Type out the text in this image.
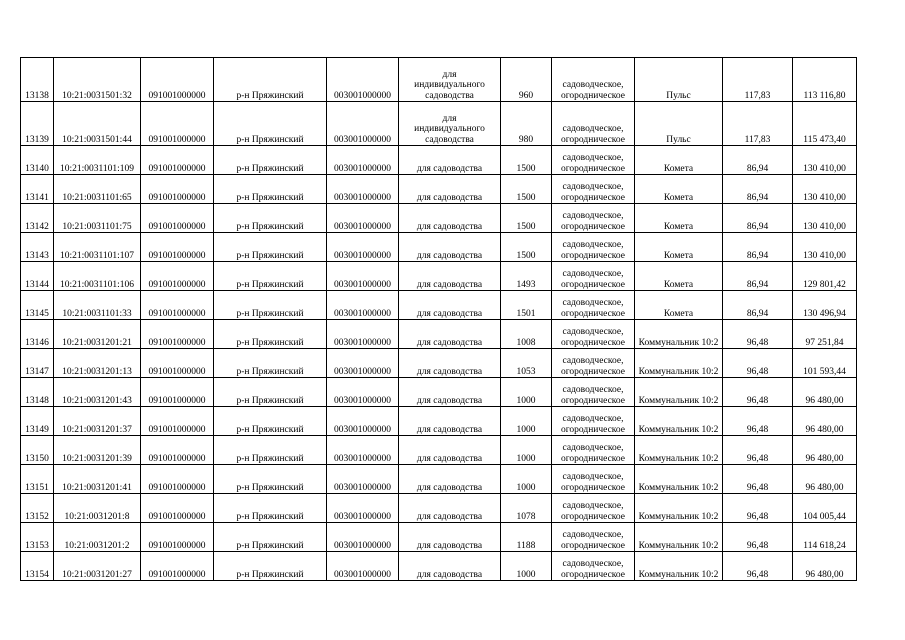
13138	10:21:0031501:32	091001000000	р-н Пряжинский	003001000000	для
индивидуального
садоводства	960	садоводческое,
огородническое	Пульс	117,83	113 116,80

13139	10:21:0031501:44	091001000000	р-н Пряжинский	003001000000	для
индивидуального
садоводства	980	садоводческое,
огородническое	Пульс	117,83	115 473,40

13140	10:21:0031101:109	091001000000	р-н Пряжинский	003001000000	для садоводства	1500	садоводческое,
огородническое	Комета	86,94	130 410,00

13141	10:21:0031101:65	091001000000	р-н Пряжинский	003001000000	для садоводства	1500	садоводческое,
огородническое	Комета	86,94	130 410,00

13142	10:21:0031101:75	091001000000	р-н Пряжинский	003001000000	для садоводства	1500	садоводческое,
огородническое	Комета	86,94	130 410,00

13143	10:21:0031101:107	091001000000	р-н Пряжинский	003001000000	для садоводства	1500	садоводческое,
огородническое	Комета	86,94	130 410,00

13144	10:21:0031101:106	091001000000	р-н Пряжинский	003001000000	для садоводства	1493	садоводческое,
огородническое	Комета	86,94	129 801,42

13145	10:21:0031101:33	091001000000	р-н Пряжинский	003001000000	для садоводства	1501	садоводческое,
огородническое	Комета	86,94	130 496,94

13146	10:21:0031201:21	091001000000	р-н Пряжинский	003001000000	для садоводства	1008	садоводческое,
огородническое	Коммунальник 10:2	96,48	97 251,84

13147	10:21:0031201:13	091001000000	р-н Пряжинский	003001000000	для садоводства	1053	садоводческое,
огородническое	Коммунальник 10:2	96,48	101 593,44

13148	10:21:0031201:43	091001000000	р-н Пряжинский	003001000000	для садоводства	1000	садоводческое,
огородническое	Коммунальник 10:2	96,48	96 480,00

13149	10:21:0031201:37	091001000000	р-н Пряжинский	003001000000	для садоводства	1000	садоводческое,
огородническое	Коммунальник 10:2	96,48	96 480,00

13150	10:21:0031201:39	091001000000	р-н Пряжинский	003001000000	для садоводства	1000	садоводческое,
огородническое	Коммунальник 10:2	96,48	96 480,00

13151	10:21:0031201:41	091001000000	р-н Пряжинский	003001000000	для садоводства	1000	садоводческое,
огородническое	Коммунальник 10:2	96,48	96 480,00

13152	10:21:0031201:8	091001000000	р-н Пряжинский	003001000000	для садоводства	1078	садоводческое,
огородническое	Коммунальник 10:2	96,48	104 005,44

13153	10:21:0031201:2	091001000000	р-н Пряжинский	003001000000	для садоводства	1188	садоводческое,
огородническое	Коммунальник 10:2	96,48	114 618,24

13154	10:21:0031201:27	091001000000	р-н Пряжинский	003001000000	для садоводства	1000	садоводческое,
огородническое	Коммунальник 10:2	96,48	96 480,00
